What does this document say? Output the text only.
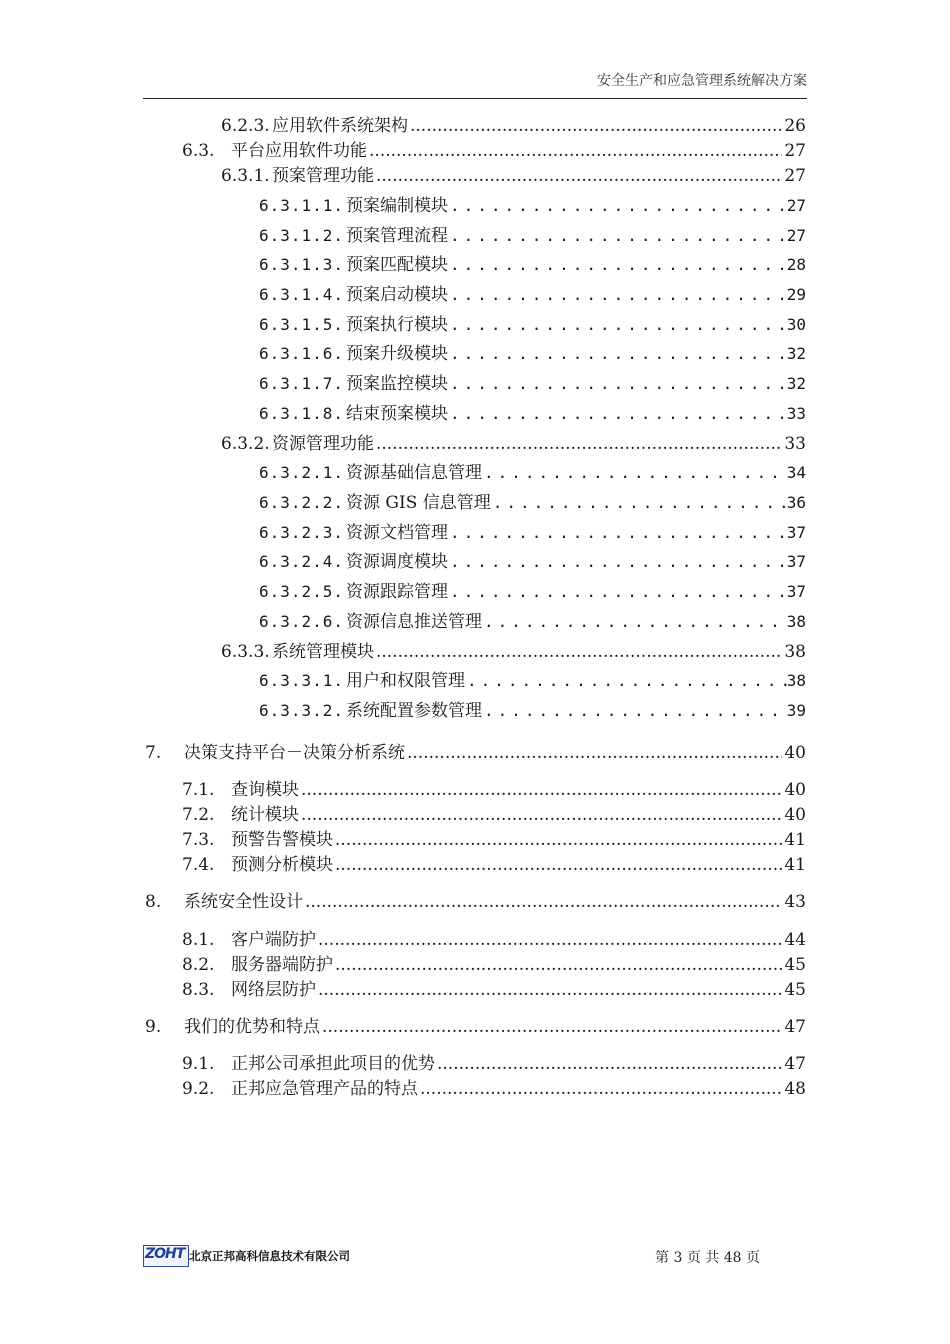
安全生产和应急管理系统解决方案
6.2.3. 应用软件系统架构 .....	26
6.3. 平台应用软件功能 .....	27
6.3.1. 预案管理功能 .....	27
6.3.1.1. 预案编制模块 .....	27
6.3.1.2. 预案管理流程 .....	27
6.3.1.3. 预案匹配模块 .....	28
6.3.1.4. 预案启动模块 .....	29
6.3.1.5. 预案执行模块 .....	30
6.3.1.6. 预案升级模块 .....	32
6.3.1.7. 预案监控模块 .....	32
6.3.1.8. 结束预案模块 .....	33
6.3.2. 资源管理功能 .....	33
6.3.2.1. 资源基础信息管理 .....	34
6.3.2.2. 资源 GIS 信息管理 .....	36
6.3.2.3. 资源文档管理 .....	37
6.3.2.4. 资源调度模块 .....	37
6.3.2.5. 资源跟踪管理 .....	37
6.3.2.6. 资源信息推送管理 .....	38
6.3.3. 系统管理模块 .....	38
6.3.3.1. 用户和权限管理 .....	38
6.3.3.2. 系统配置参数管理 .....	39
7.	决策支持平台－决策分析系统 .....	40
7.1. 查询模块 .....	40
7.2. 统计模块 .....	40
7.3. 预警告警模块 .....	41
7.4. 预测分析模块 .....	41
8.	系统安全性设计 .....	43
8.1. 客户端防护 .....	44
8.2. 服务器端防护 .....	45
8.3. 网络层防护 .....	45
9.	我们的优势和特点 .....	47
9.1. 正邦公司承担此项目的优势 .....	47
9.2. 正邦应急管理产品的特点 .....	48
ZOHT 北京正邦高科信息技术有限公司	第 3 页 共 48 页
